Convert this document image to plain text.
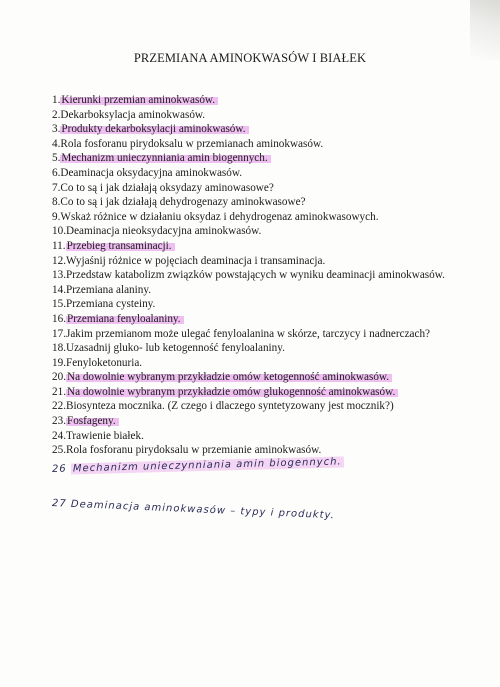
PRZEMIANA AMINOKWASÓW I BIAŁEK
1. Kierunki przemian aminokwasów.
2. Dekarboksylacja aminokwasów.
3. Produkty dekarboksylacji aminokwasów.
4. Rola fosforanu pirydoksalu w przemianach aminokwasów.
5. Mechanizm unieczynniania amin biogennych.
6. Deaminacja oksydacyjna aminokwasów.
7. Co to są i jak działają oksydazy aminowasowe?
8. Co to są i jak działają dehydrogenazy aminokwasowe?
9. Wskaż różnice w działaniu oksydaz i dehydrogenaz aminokwasowych.
10. Deaminacja nieoksydacyjna aminokwasów.
11. Przebieg transaminacji.
12. Wyjaśnij różnice w pojęciach deaminacja i transaminacja.
13. Przedstaw katabolizm związków powstających w wyniku deaminacji aminokwasów.
14. Przemiana alaniny.
15. Przemiana cysteiny.
16. Przemiana fenyloalaniny.
17. Jakim przemianom może ulegać fenyloalanina w skórze, tarczycy i nadnerczach?
18. Uzasadnij gluko- lub ketogenność fenyloalaniny.
19. Fenyloketonuria.
20. Na dowolnie wybranym przykładzie omów ketogenność aminokwasów.
21. Na dowolnie wybranym przykładzie omów glukogenność aminokwasów.
22. Biosynteza mocznika. (Z czego i dlaczego syntetyzowany jest mocznik?)
23. Fosfageny.
24. Trawienie białek.
25. Rola fosforanu pirydoksalu w przemianie aminokwasów.
26 Mechanizm unieczynniania amin biogennych.
27 Deaminacja aminokwasów – typy i produkty.
